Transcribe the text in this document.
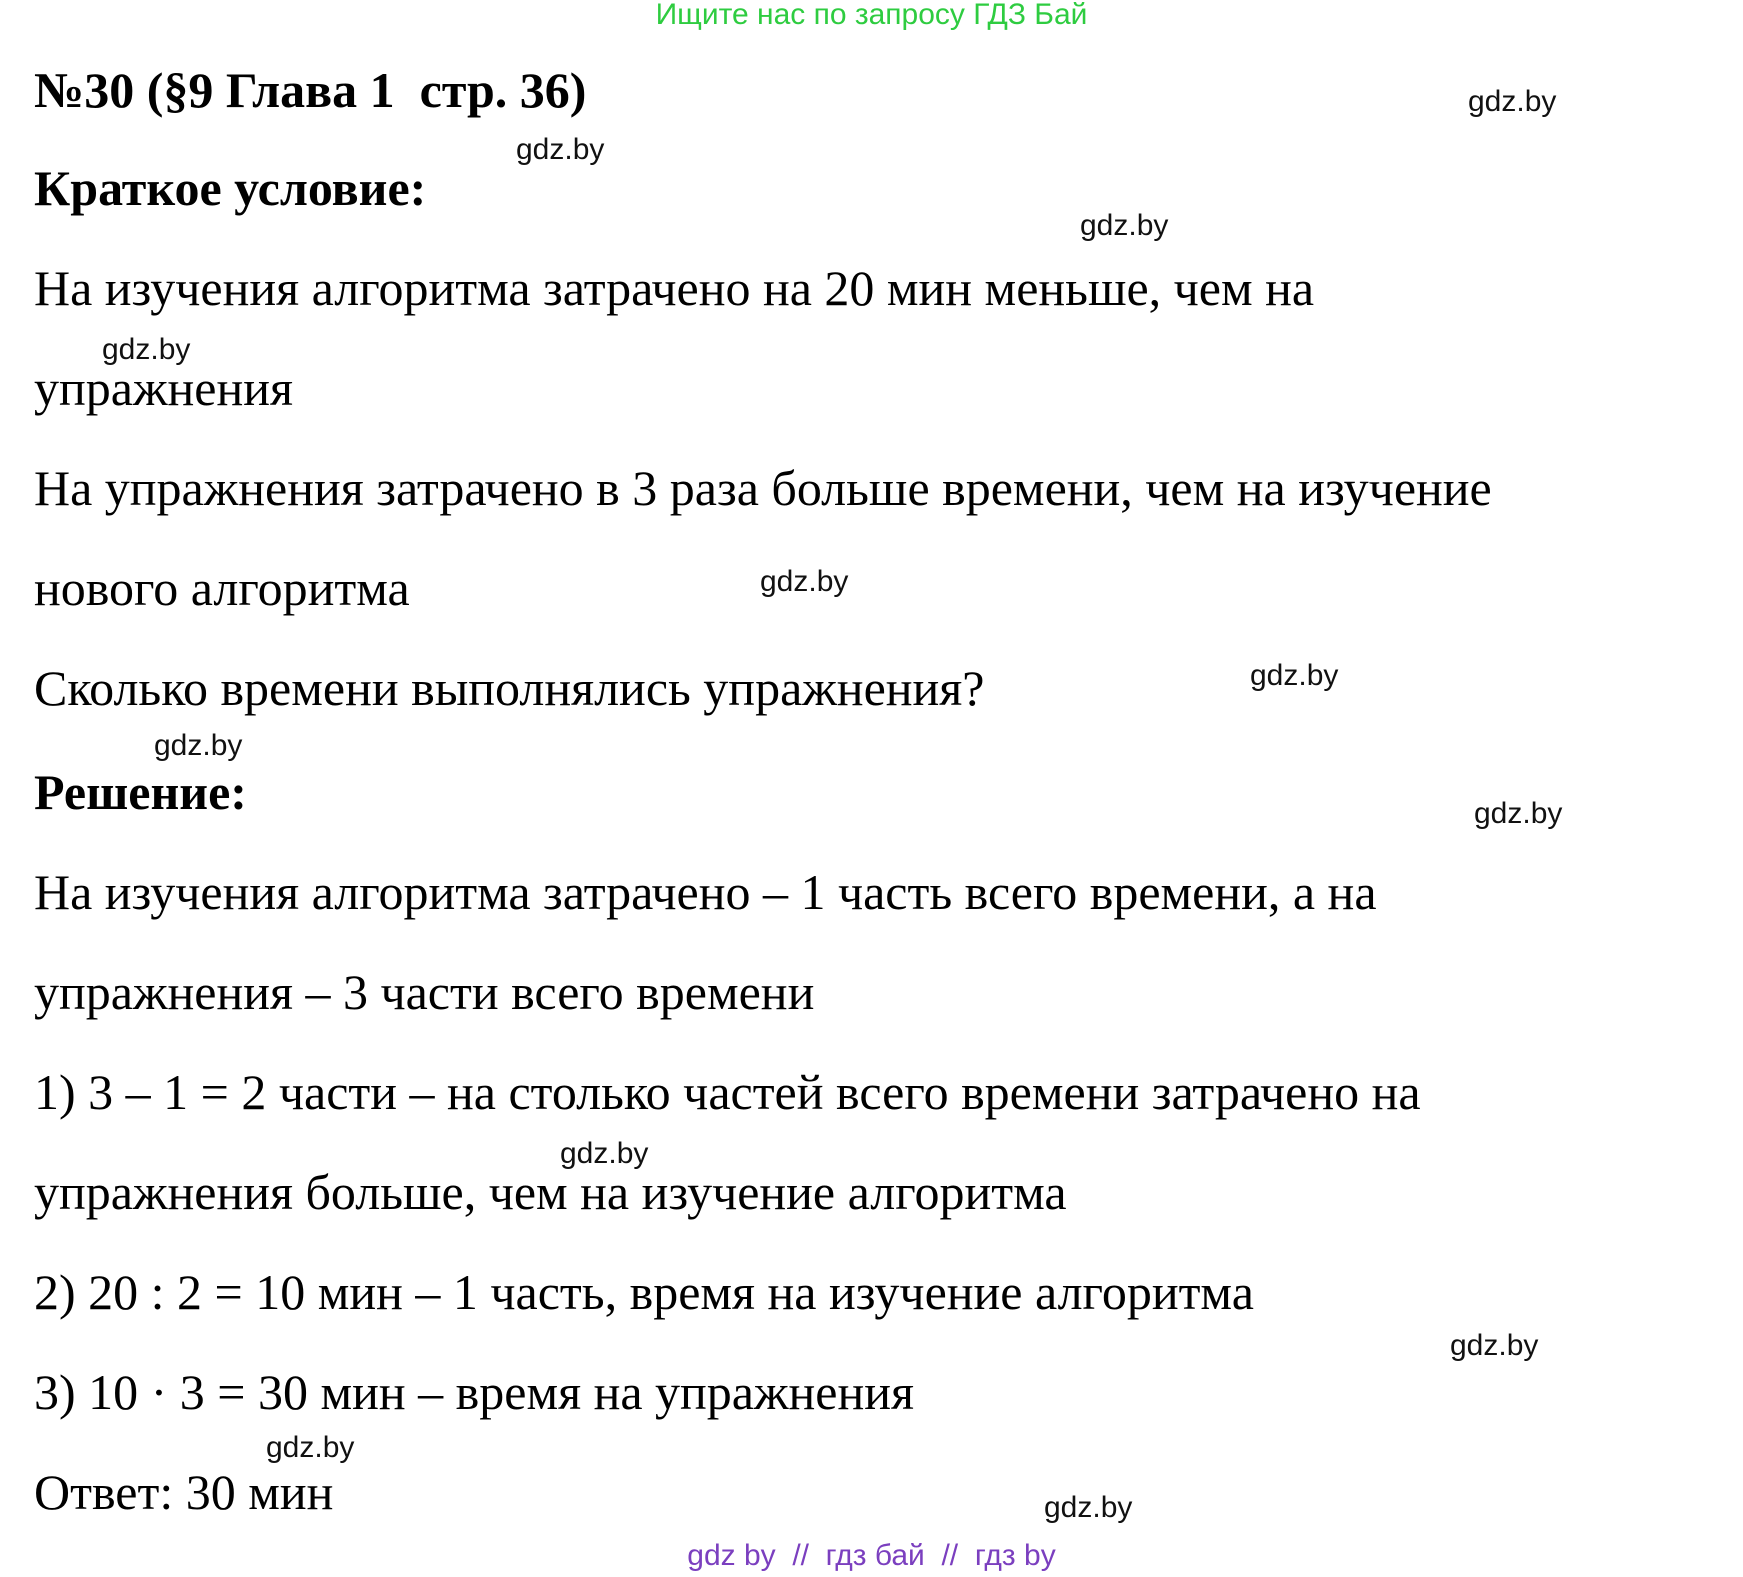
Ищите нас по запросу ГДЗ Бай
№30 (§9 Глава 1  стр. 36)
Краткое условие:
На изучения алгоритма затрачено на 20 мин меньше, чем на
упражнения
На упражнения затрачено в 3 раза больше времени, чем на изучение
нового алгоритма
Сколько времени выполнялись упражнения?
Решение:
На изучения алгоритма затрачено – 1 часть всего времени, а на
упражнения – 3 части всего времени
1) 3 – 1 = 2 части – на столько частей всего времени затрачено на
упражнения больше, чем на изучение алгоритма
2) 20 : 2 = 10 мин – 1 часть, время на изучение алгоритма
3) 10 · 3 = 30 мин – время на упражнения
Ответ: 30 мин
gdz.by
gdz.by
gdz.by
gdz.by
gdz.by
gdz.by
gdz.by
gdz.by
gdz.by
gdz.by
gdz.by
gdz.by
gdz by  //  гдз бай  //  гдз by
